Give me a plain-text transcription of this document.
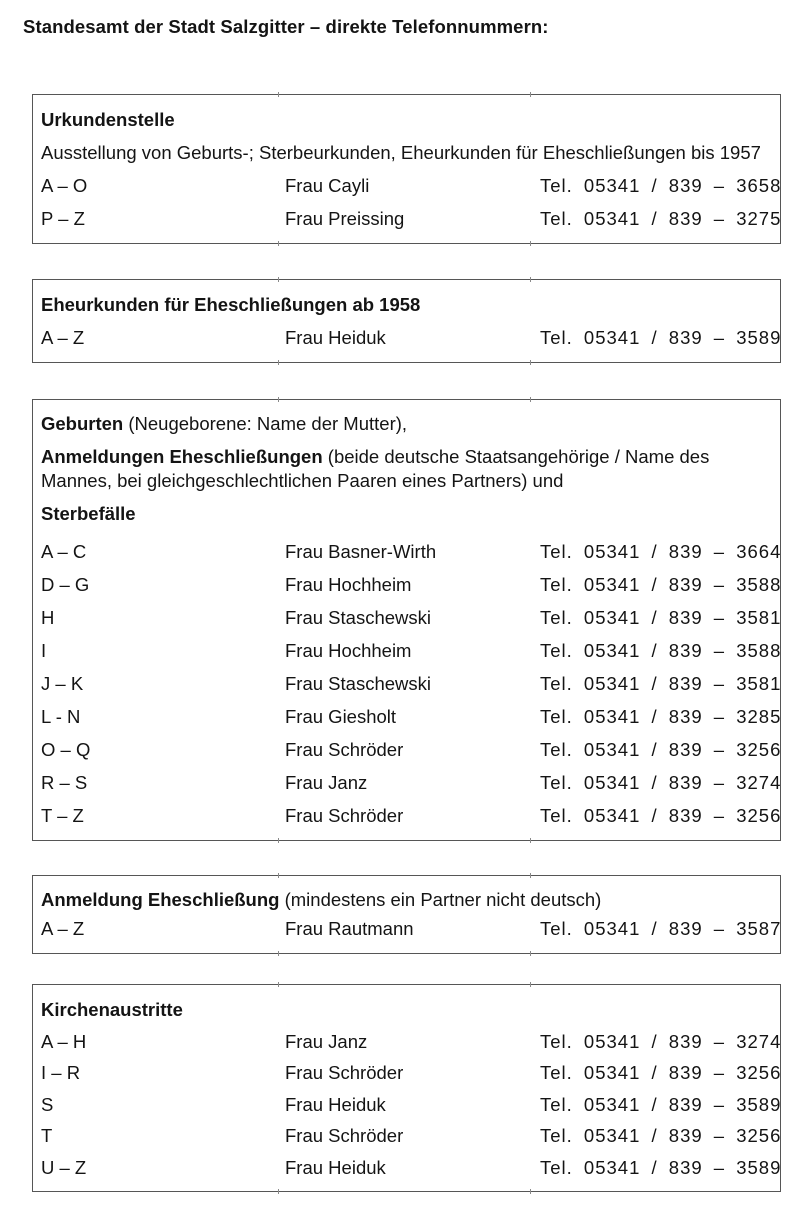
Standesamt der Stadt Salzgitter – direkte Telefonnummern:
Urkundenstelle
Ausstellung von Geburts-; Sterbeurkunden, Eheurkunden für Eheschließungen bis 1957
A – O	Frau Cayli	Tel. 05341 / 839 – 3658
P – Z	Frau Preissing	Tel. 05341 / 839 – 3275
Eheurkunden für Eheschließungen ab 1958
A – Z	Frau Heiduk	Tel. 05341 / 839 – 3589
Geburten (Neugeborene: Name der Mutter),
Anmeldungen Eheschließungen (beide deutsche Staatsangehörige / Name des Mannes, bei gleichgeschlechtlichen Paaren eines Partners) und
Sterbefälle
A – C	Frau Basner-Wirth	Tel. 05341 / 839 – 3664
D – G	Frau Hochheim	Tel. 05341 / 839 – 3588
H	Frau Staschewski	Tel. 05341 / 839 – 3581
I	Frau Hochheim	Tel. 05341 / 839 – 3588
J – K	Frau Staschewski	Tel. 05341 / 839 – 3581
L - N	Frau Giesholt	Tel. 05341 / 839 – 3285
O – Q	Frau Schröder	Tel. 05341 / 839 – 3256
R – S	Frau Janz	Tel. 05341 / 839 – 3274
T – Z	Frau Schröder	Tel. 05341 / 839 – 3256
Anmeldung Eheschließung (mindestens ein Partner nicht deutsch)
A – Z	Frau Rautmann	Tel. 05341 / 839 – 3587
Kirchenaustritte
A – H	Frau Janz	Tel. 05341 / 839 – 3274
I – R	Frau Schröder	Tel. 05341 / 839 – 3256
S	Frau Heiduk	Tel. 05341 / 839 – 3589
T	Frau Schröder	Tel. 05341 / 839 – 3256
U – Z	Frau Heiduk	Tel. 05341 / 839 – 3589
